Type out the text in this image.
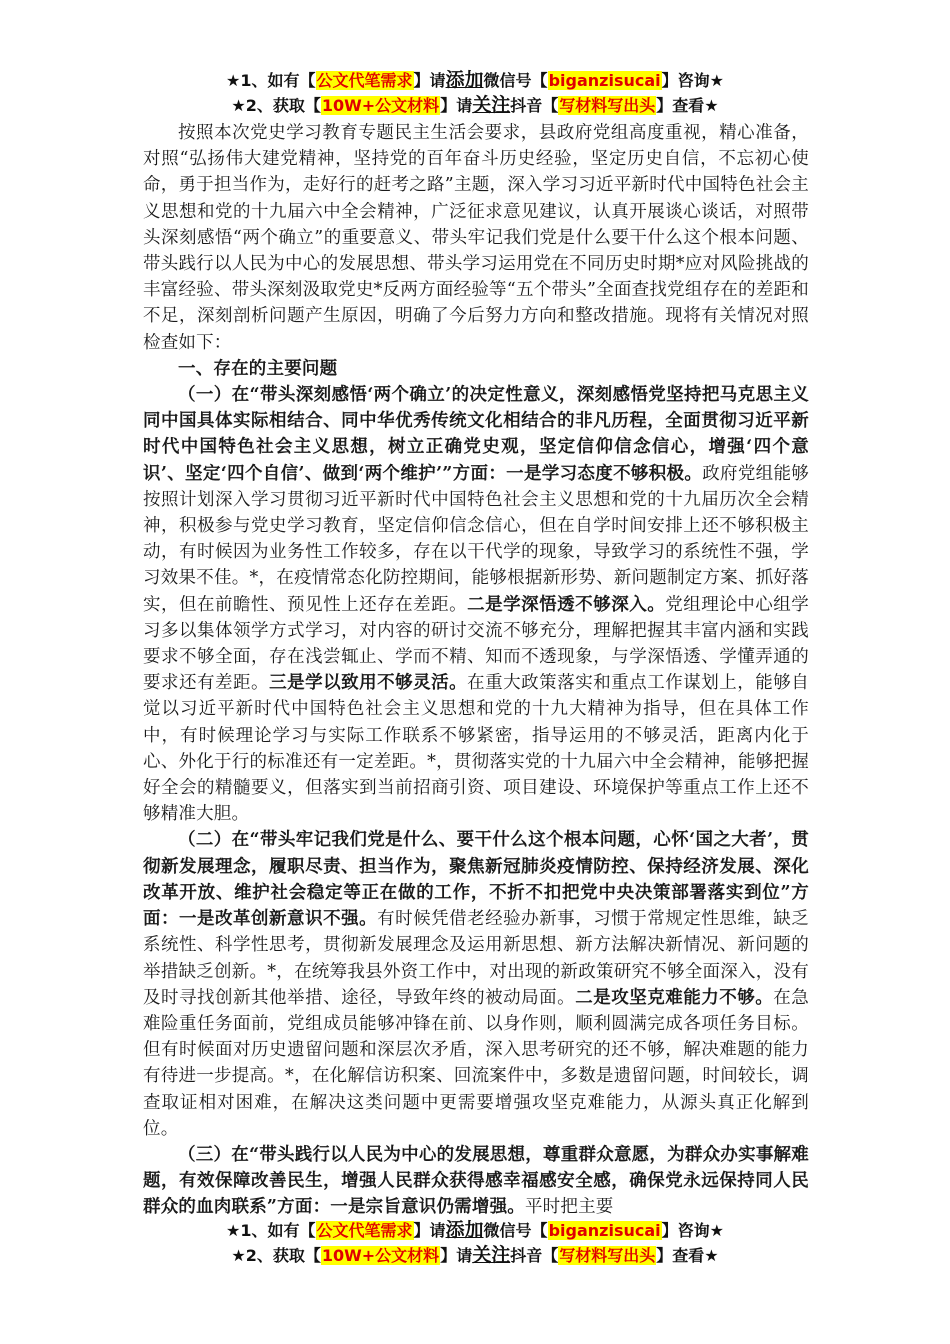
★1、如有【公文代笔需求】请添加微信号【biganzisucai】咨询★
★2、获取【10W+公文材料】请关注抖音【写材料写出头】查看★

按照本次党史学习教育专题民主生活会要求，县政府党组高度重视，精心准备，对照“弘扬伟大建党精神，坚持党的百年奋斗历史经验，坚定历史自信，不忘初心使命，勇于担当作为，走好行的赶考之路”主题，深入学习习近平新时代中国特色社会主义思想和党的十九届六中全会精神，广泛征求意见建议，认真开展谈心谈话，对照带头深刻感悟“两个确立”的重要意义、带头牢记我们党是什么要干什么这个根本问题、带头践行以人民为中心的发展思想、带头学习运用党在不同历史时期*应对风险挑战的丰富经验、带头深刻汲取党史*反两方面经验等“五个带头”全面查找党组存在的差距和不足，深刻剖析问题产生原因，明确了今后努力方向和整改措施。现将有关情况对照检查如下：

一、存在的主要问题

（一）在“带头深刻感悟‘两个确立’的决定性意义，深刻感悟党坚持把马克思主义同中国具体实际相结合、同中华优秀传统文化相结合的非凡历程，全面贯彻习近平新时代中国特色社会主义思想，树立正确党史观，坚定信仰信念信心，增强‘四个意识’、坚定‘四个自信’、做到‘两个维护’”方面：一是学习态度不够积极。政府党组能够按照计划深入学习贯彻习近平新时代中国特色社会主义思想和党的十九届历次全会精神，积极参与党史学习教育，坚定信仰信念信心，但在自学时间安排上还不够积极主动，有时候因为业务性工作较多，存在以干代学的现象，导致学习的系统性不强，学习效果不佳。*，在疫情常态化防控期间，能够根据新形势、新问题制定方案、抓好落实，但在前瞻性、预见性上还存在差距。二是学深悟透不够深入。党组理论中心组学习多以集体领学方式学习，对内容的研讨交流不够充分，理解把握其丰富内涵和实践要求不够全面，存在浅尝辄止、学而不精、知而不透现象，与学深悟透、学懂弄通的要求还有差距。三是学以致用不够灵活。在重大政策落实和重点工作谋划上，能够自觉以习近平新时代中国特色社会主义思想和党的十九大精神为指导，但在具体工作中，有时候理论学习与实际工作联系不够紧密，指导运用的不够灵活，距离内化于心、外化于行的标准还有一定差距。*，贯彻落实党的十九届六中全会精神，能够把握好全会的精髓要义，但落实到当前招商引资、项目建设、环境保护等重点工作上还不够精准大胆。

（二）在“带头牢记我们党是什么、要干什么这个根本问题，心怀‘国之大者’，贯彻新发展理念，履职尽责、担当作为，聚焦新冠肺炎疫情防控、保持经济发展、深化改革开放、维护社会稳定等正在做的工作，不折不扣把党中央决策部署落实到位”方面：一是改革创新意识不强。有时候凭借老经验办新事，习惯于常规定性思维，缺乏系统性、科学性思考，贯彻新发展理念及运用新思想、新方法解决新情况、新问题的举措缺乏创新。*，在统筹我县外资工作中，对出现的新政策研究不够全面深入，没有及时寻找创新其他举措、途径，导致年终的被动局面。二是攻坚克难能力不够。在急难险重任务面前，党组成员能够冲锋在前、以身作则，顺利圆满完成各项任务目标。但有时候面对历史遗留问题和深层次矛盾，深入思考研究的还不够，解决难题的能力有待进一步提高。*，在化解信访积案、回流案件中，多数是遗留问题，时间较长，调查取证相对困难，在解决这类问题中更需要增强攻坚克难能力，从源头真正化解到位。

（三）在“带头践行以人民为中心的发展思想，尊重群众意愿，为群众办实事解难题，有效保障改善民生，增强人民群众获得感幸福感安全感，确保党永远保持同人民群众的血肉联系”方面：一是宗旨意识仍需增强。平时把主要

★1、如有【公文代笔需求】请添加微信号【biganzisucai】咨询★
★2、获取【10W+公文材料】请关注抖音【写材料写出头】查看★
